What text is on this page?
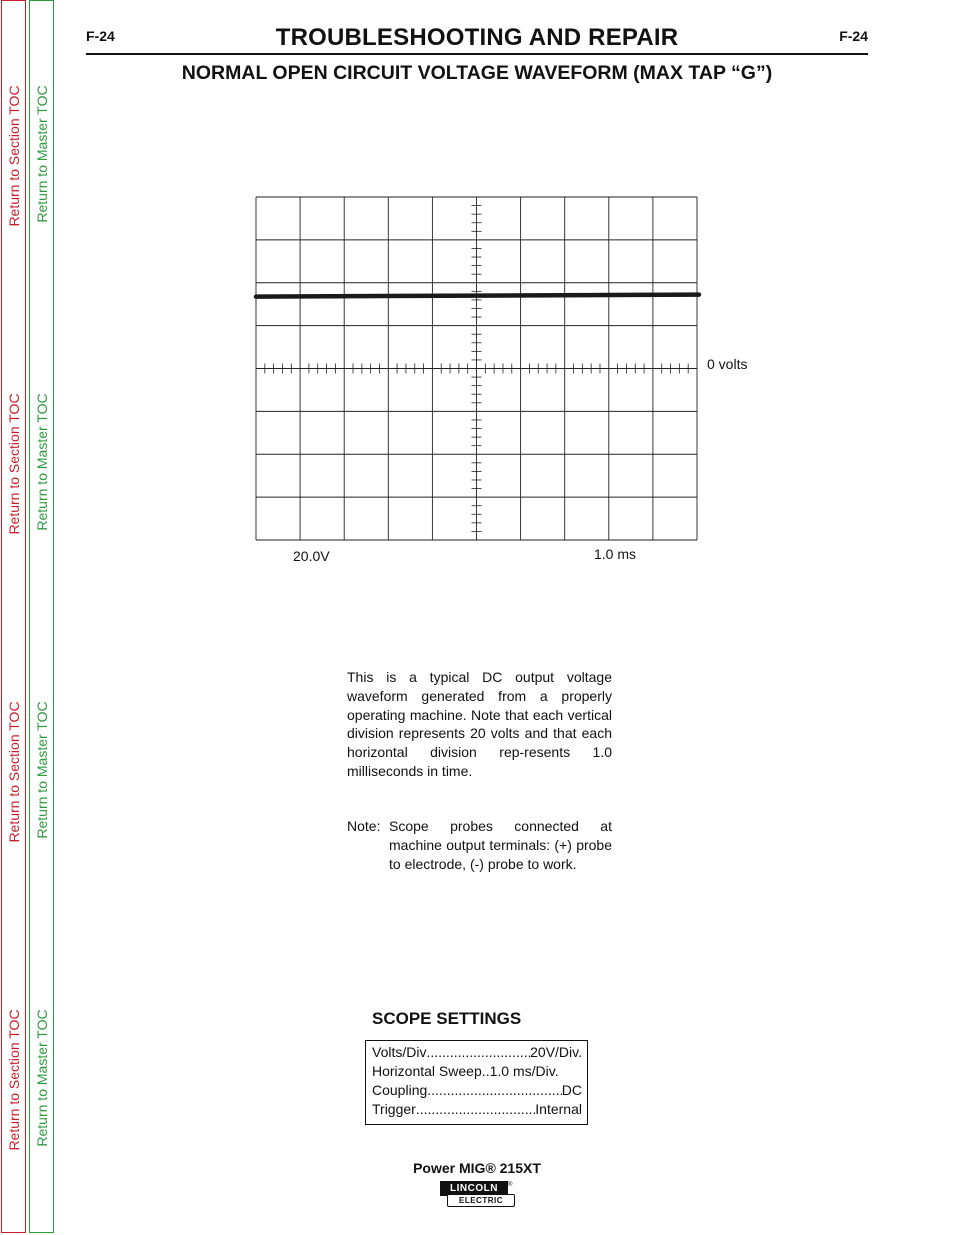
Return to Section TOC
Return to Section TOC
Return to Section TOC
Return to Section TOC
Return to Master TOC
Return to Master TOC
Return to Master TOC
Return to Master TOC
F-24	F-24
TROUBLESHOOTING AND REPAIR
NORMAL OPEN CIRCUIT VOLTAGE WAVEFORM (MAX TAP “G”)
0 volts
20.0V	1.0 ms

This is a typical DC output voltage waveform generated from a properly operating machine. Note that each vertical division represents 20 volts and that each horizontal division rep-resents 1.0 milliseconds in time.

Note: Scope probes connected at machine output terminals: (+) probe to electrode, (-) probe to work.

SCOPE SETTINGS
Volts/Div .....	20V/Div.
Horizontal Sweep ..... .1.0 ms/Div.
Coupling .....	DC
Trigger .....	Internal
Power MIG® 215XT
LINCOLN
ELECTRIC
®
